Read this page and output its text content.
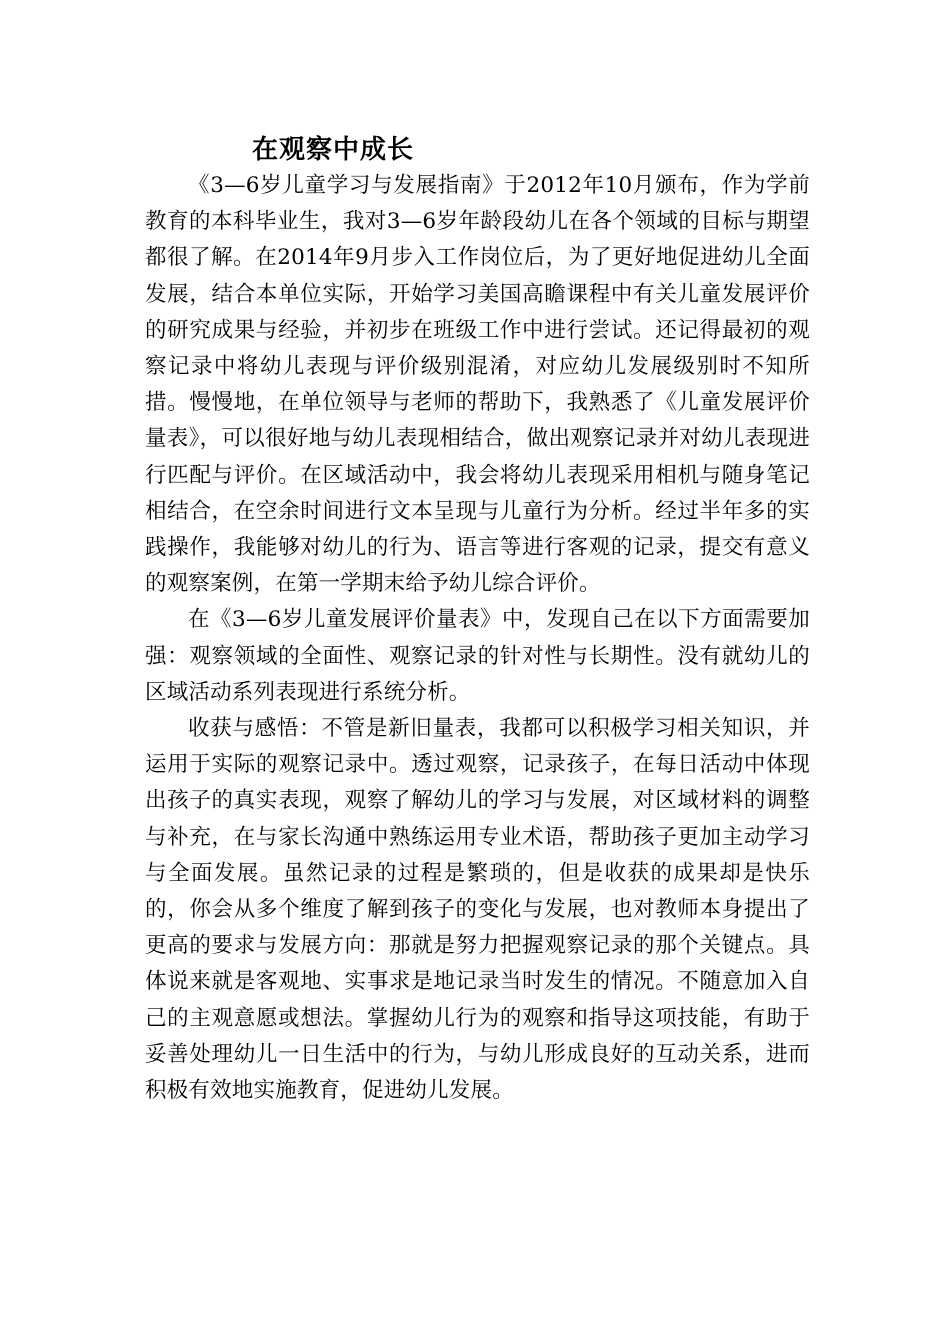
在观察中成长

《3—6岁儿童学习与发展指南》于2012年10月颁布，作为学前教育的本科毕业生，我对3—6岁年龄段幼儿在各个领域的目标与期望都很了解。在2014年9月步入工作岗位后，为了更好地促进幼儿全面发展，结合本单位实际，开始学习美国高瞻课程中有关儿童发展评价的研究成果与经验，并初步在班级工作中进行尝试。还记得最初的观察记录中将幼儿表现与评价级别混淆，对应幼儿发展级别时不知所措。慢慢地，在单位领导与老师的帮助下，我熟悉了《儿童发展评价量表》，可以很好地与幼儿表现相结合，做出观察记录并对幼儿表现进行匹配与评价。在区域活动中，我会将幼儿表现采用相机与随身笔记相结合，在空余时间进行文本呈现与儿童行为分析。经过半年多的实践操作，我能够对幼儿的行为、语言等进行客观的记录，提交有意义的观察案例，在第一学期末给予幼儿综合评价。

在《3—6岁儿童发展评价量表》中，发现自己在以下方面需要加强：观察领域的全面性、观察记录的针对性与长期性。没有就幼儿的区域活动系列表现进行系统分析。

收获与感悟：不管是新旧量表，我都可以积极学习相关知识，并运用于实际的观察记录中。透过观察，记录孩子，在每日活动中体现出孩子的真实表现，观察了解幼儿的学习与发展，对区域材料的调整与补充，在与家长沟通中熟练运用专业术语，帮助孩子更加主动学习与全面发展。虽然记录的过程是繁琐的，但是收获的成果却是快乐的，你会从多个维度了解到孩子的变化与发展，也对教师本身提出了更高的要求与发展方向：那就是努力把握观察记录的那个关键点。具体说来就是客观地、实事求是地记录当时发生的情况。不随意加入自己的主观意愿或想法。掌握幼儿行为的观察和指导这项技能，有助于妥善处理幼儿一日生活中的行为，与幼儿形成良好的互动关系，进而积极有效地实施教育，促进幼儿发展。
